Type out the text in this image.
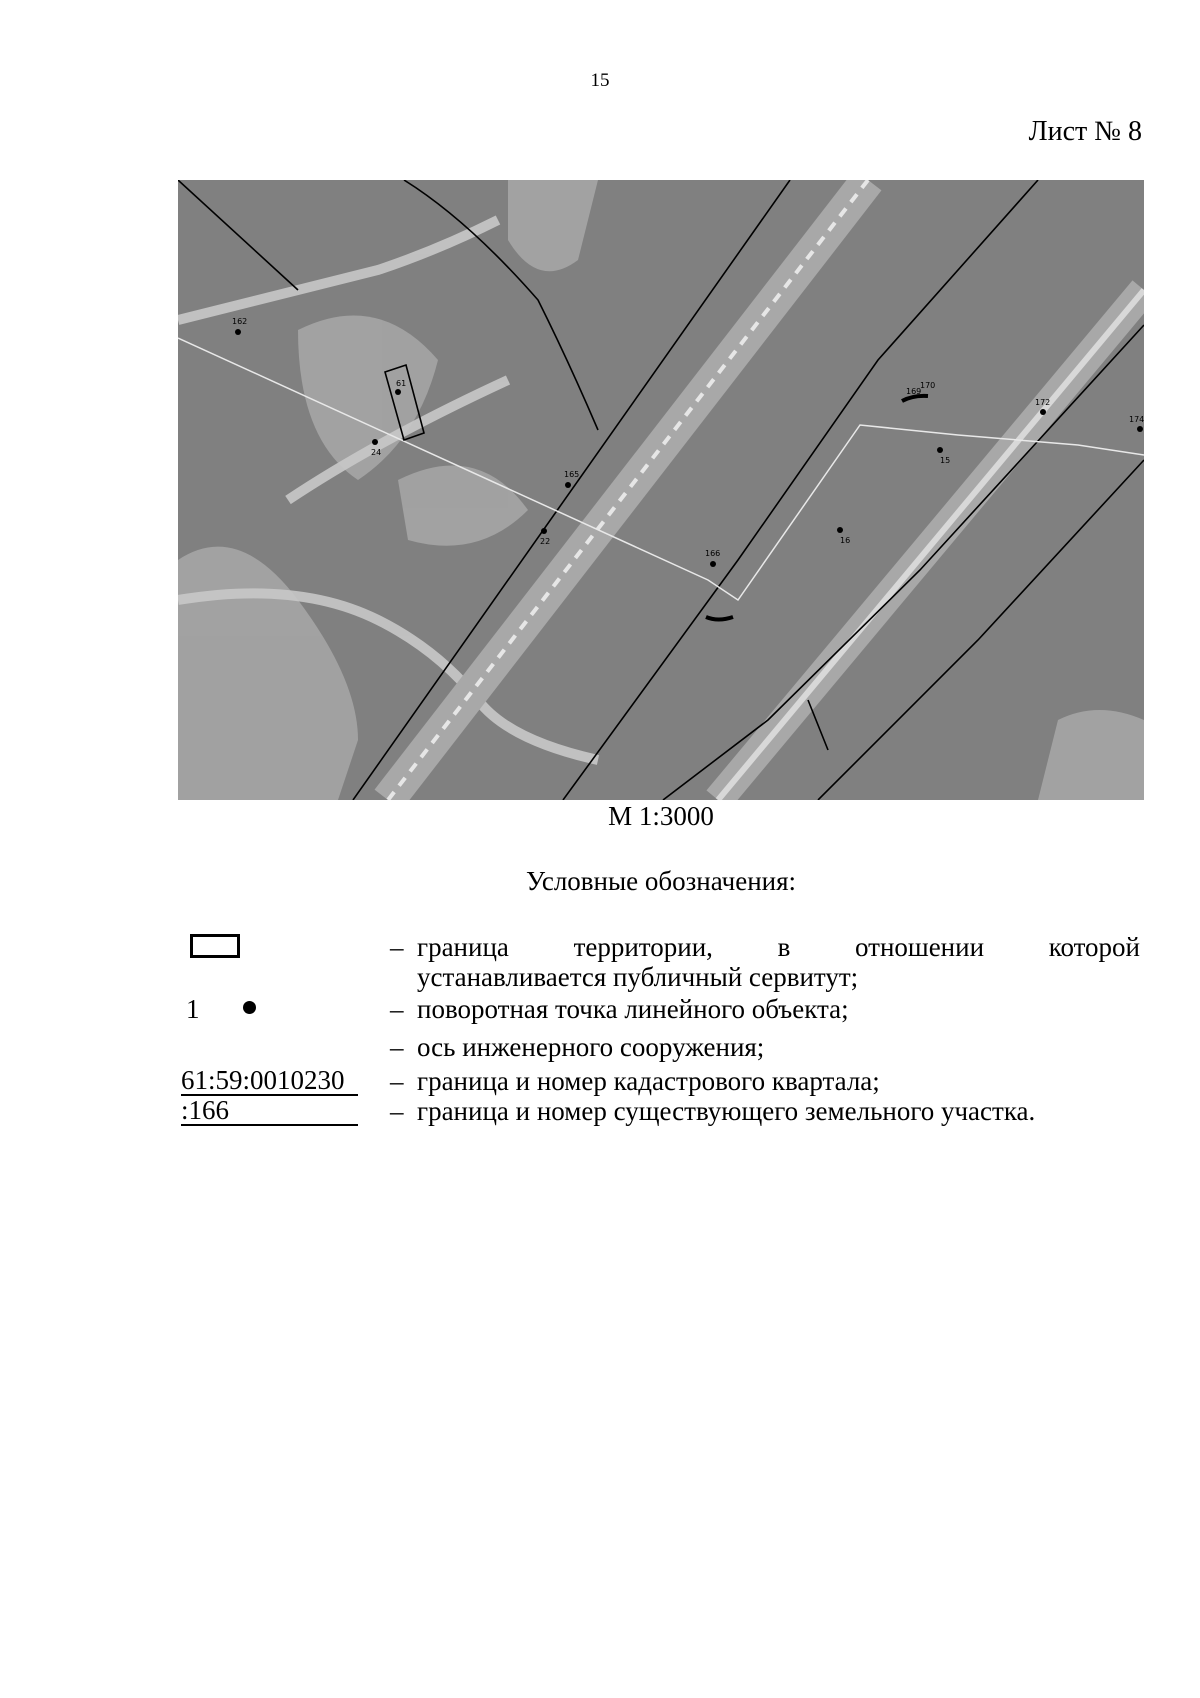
15
Лист № 8
162
61
24
165
22
166
16
169
170
172
15
174
М 1:3000
Условные обозначения:
– граница территории, в отношении которой
устанавливается публичный сервитут;
1	– поворотная точка линейного объекта;
– ось инженерного сооружения;
61:59:0010230	– граница и номер кадастрового квартала;
:166	– граница и номер существующего земельного участка.
